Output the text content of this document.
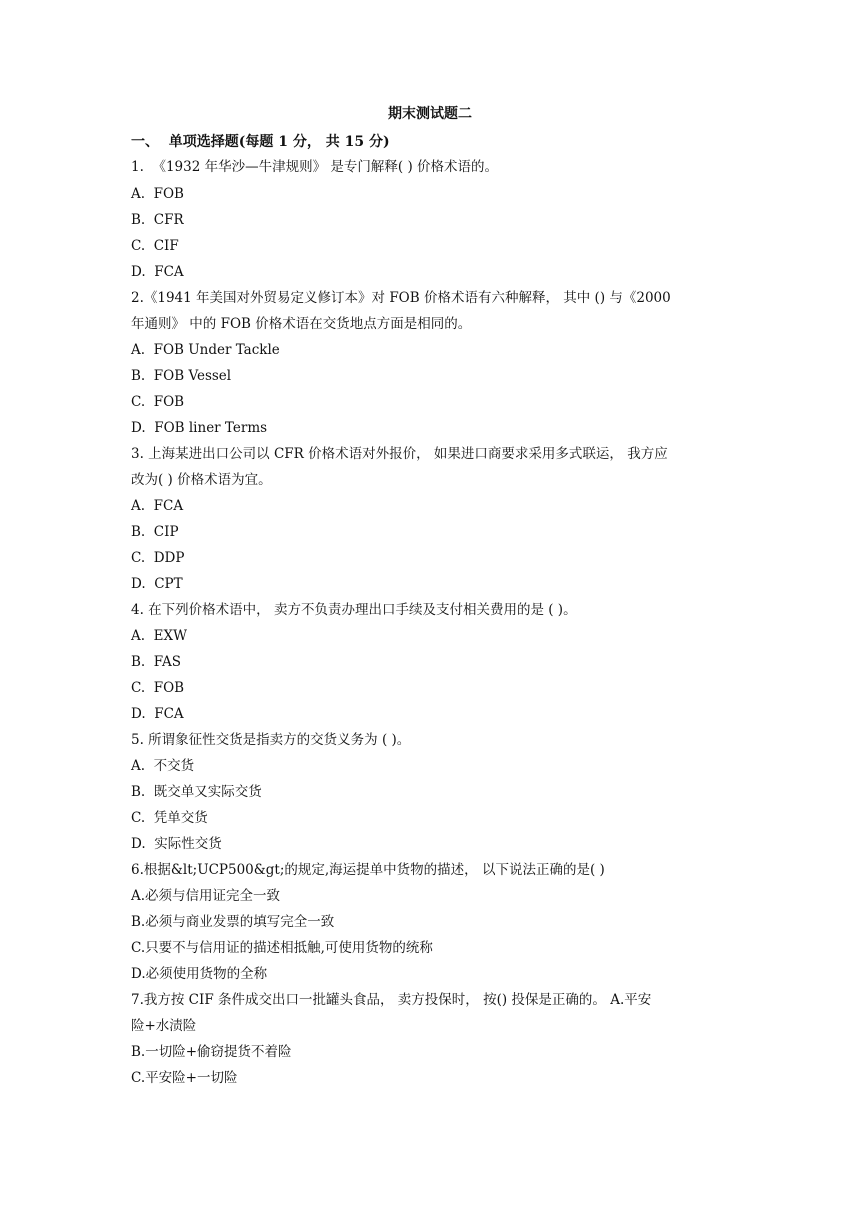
期末测试题二
一、  单项选择题(每题 1 分， 共 15 分)
1.  《1932 年华沙—牛津规则》 是专门解释( ) 价格术语的。
A.  FOB
B.  CFR
C.  CIF
D.  FCA
2.《1941 年美国对外贸易定义修订本》对 FOB 价格术语有六种解释， 其中 () 与《2000
年通则》 中的 FOB 价格术语在交货地点方面是相同的。
A.  FOB Under Tackle
B.  FOB Vessel
C.  FOB
D.  FOB liner Terms
3. 上海某进出口公司以 CFR 价格术语对外报价， 如果进口商要求采用多式联运， 我方应
改为( ) 价格术语为宜。
A.  FCA
B.  CIP
C.  DDP
D.  CPT
4. 在下列价格术语中， 卖方不负责办理出口手续及支付相关费用的是 ( )。
A.  EXW
B.  FAS
C.  FOB
D.  FCA
5. 所谓象征性交货是指卖方的交货义务为 ( )。
A.  不交货
B.  既交单又实际交货
C.  凭单交货
D.  实际性交货
6.根据&lt;UCP500&gt;的规定,海运提单中货物的描述， 以下说法正确的是( )
A.必须与信用证完全一致
B.必须与商业发票的填写完全一致
C.只要不与信用证的描述相抵触,可使用货物的统称
D.必须使用货物的全称
7.我方按 CIF 条件成交出口一批罐头食品， 卖方投保时， 按() 投保是正确的。 A.平安
险+水渍险
B.一切险+偷窃提货不着险
C.平安险+一切险
